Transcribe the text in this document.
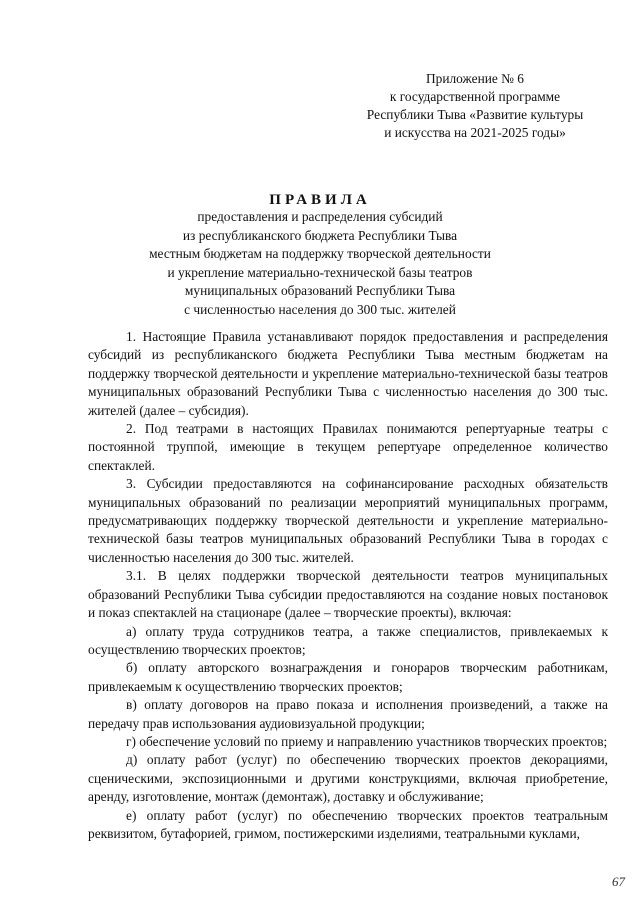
Приложение № 6
к государственной программе
Республики Тыва «Развитие культуры
и искусства на 2021-2025 годы»
ПРАВИЛА
предоставления и распределения субсидий
из республиканского бюджета Республики Тыва
местным бюджетам на поддержку творческой деятельности
и укрепление материально-технической базы театров
муниципальных образований Республики Тыва
с численностью населения до 300 тыс. жителей

1. Настоящие Правила устанавливают порядок предоставления и распределения субсидий из республиканского бюджета Республики Тыва местным бюджетам на поддержку творческой деятельности и укрепление материально-технической базы театров муниципальных образований Республики Тыва с численностью населения до 300 тыс. жителей (далее – субсидия).

2. Под театрами в настоящих Правилах понимаются репертуарные театры с постоянной труппой, имеющие в текущем репертуаре определенное количество спектаклей.

3. Субсидии предоставляются на софинансирование расходных обязательств муниципальных образований по реализации мероприятий муниципальных программ, предусматривающих поддержку творческой деятельности и укрепление материально-технической базы театров муниципальных образований Республики Тыва в городах с численностью населения до 300 тыс. жителей.

3.1. В целях поддержки творческой деятельности театров муниципальных образований Республики Тыва субсидии предоставляются на создание новых постановок и показ спектаклей на стационаре (далее – творческие проекты), включая:

а) оплату труда сотрудников театра, а также специалистов, привлекаемых к осуществлению творческих проектов;

б) оплату авторского вознаграждения и гонораров творческим работникам, привлекаемым к осуществлению творческих проектов;

в) оплату договоров на право показа и исполнения произведений, а также на передачу прав использования аудиовизуальной продукции;

г) обеспечение условий по приему и направлению участников творческих проектов;

д) оплату работ (услуг) по обеспечению творческих проектов декорациями, сценическими, экспозиционными и другими конструкциями, включая приобретение, аренду, изготовление, монтаж (демонтаж), доставку и обслуживание;

е) оплату работ (услуг) по обеспечению творческих проектов театральным реквизитом, бутафорией, гримом, постижерскими изделиями, театральными куклами,

67
